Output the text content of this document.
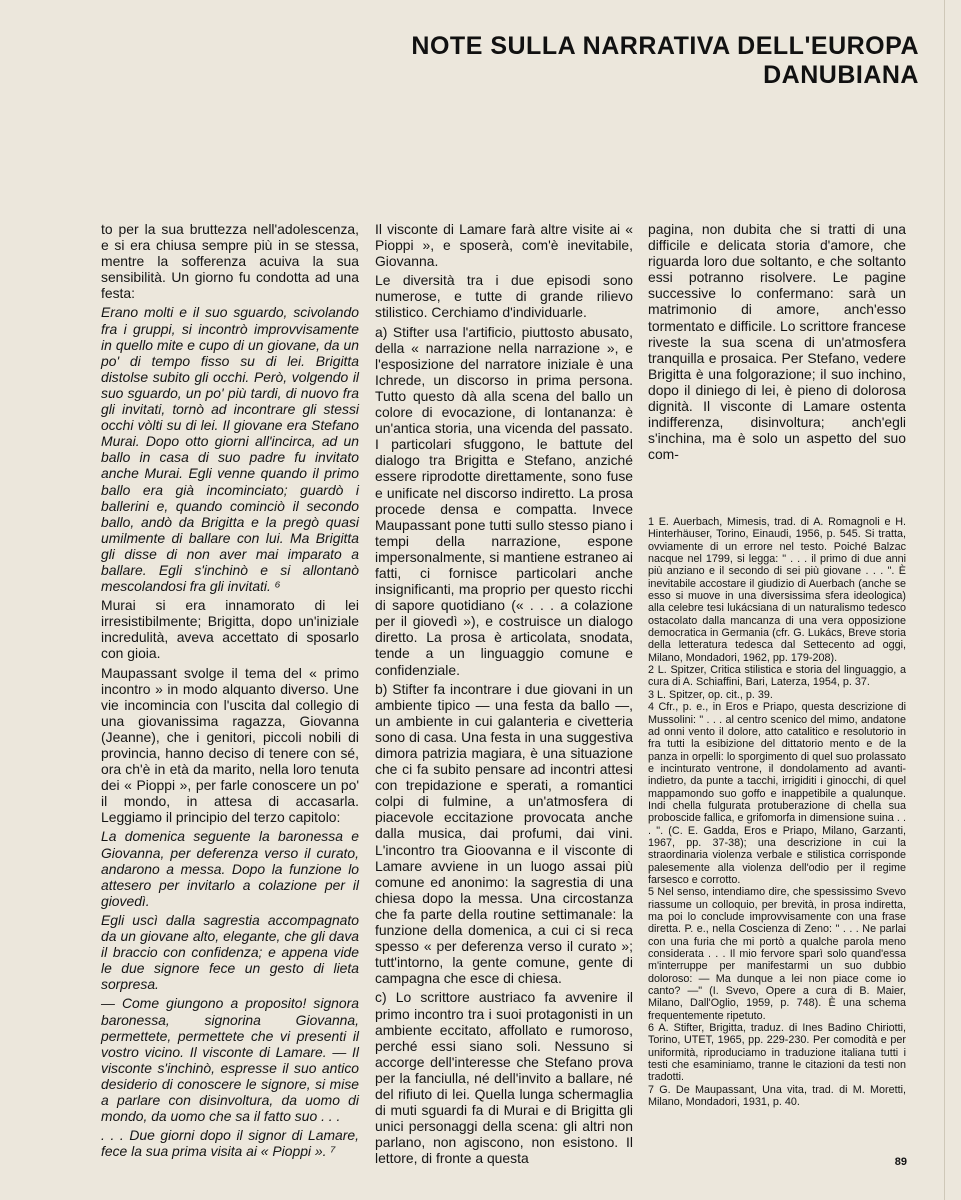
NOTE SULLA NARRATIVA DELL'EUROPA
DANUBIANA

to per la sua bruttezza nell'adolescenza, e si era chiusa sempre più in se stessa, mentre la sofferenza acuiva la sua sensibilità. Un giorno fu condotta ad una festa:

Erano molti e il suo sguardo, scivolando fra i gruppi, si incontrò improvvisamente in quello mite e cupo di un giovane, da un po' di tempo fisso su di lei. Brigitta distolse subito gli occhi. Però, volgendo il suo sguardo, un po' più tardi, di nuovo fra gli invitati, tornò ad incontrare gli stessi occhi vòlti su di lei. Il giovane era Stefano Murai. Dopo otto giorni all'incirca, ad un ballo in casa di suo padre fu invitato anche Murai. Egli venne quando il primo ballo era già incominciato; guardò i ballerini e, quando cominciò il secondo ballo, andò da Brigitta e la pregò quasi umilmente di ballare con lui. Ma Brigitta gli disse di non aver mai imparato a ballare. Egli s'inchinò e si allontanò mescolandosi fra gli invitati. ⁶

Murai si era innamorato di lei irresistibilmente; Brigitta, dopo un'iniziale incredulità, aveva accettato di sposarlo con gioia.

Maupassant svolge il tema del « primo incontro » in modo alquanto diverso. Une vie incomincia con l'uscita dal collegio di una giovanissima ragazza, Giovanna (Jeanne), che i genitori, piccoli nobili di provincia, hanno deciso di tenere con sé, ora ch'è in età da marito, nella loro tenuta dei « Pioppi », per farle conoscere un po' il mondo, in attesa di accasarla. Leggiamo il principio del terzo capitolo:

La domenica seguente la baronessa e Giovanna, per deferenza verso il curato, andarono a messa. Dopo la funzione lo attesero per invitarlo a colazione per il giovedì.

Egli uscì dalla sagrestia accompagnato da un giovane alto, elegante, che gli dava il braccio con confidenza; e appena vide le due signore fece un gesto di lieta sorpresa.

— Come giungono a proposito! signora baronessa, signorina Giovanna, permettete, permettete che vi presenti il vostro vicino. Il visconte di Lamare. — Il visconte s'inchinò, espresse il suo antico desiderio di conoscere le signore, si mise a parlare con disinvoltura, da uomo di mondo, da uomo che sa il fatto suo . . .

. . . Due giorni dopo il signor di Lamare, fece la sua prima visita ai « Pioppi ». ⁷

Il visconte di Lamare farà altre visite ai « Pioppi », e sposerà, com'è inevitabile, Giovanna.

Le diversità tra i due episodi sono numerose, e tutte di grande rilievo stilistico. Cerchiamo d'individuarle.

a) Stifter usa l'artificio, piuttosto abusato, della « narrazione nella narrazione », e l'esposizione del narratore iniziale è una Ichrede, un discorso in prima persona. Tutto questo dà alla scena del ballo un colore di evocazione, di lontananza: è un'antica storia, una vicenda del passato. I particolari sfuggono, le battute del dialogo tra Brigitta e Stefano, anziché essere riprodotte direttamente, sono fuse e unificate nel discorso indiretto. La prosa procede densa e compatta. Invece Maupassant pone tutti sullo stesso piano i tempi della narrazione, espone impersonalmente, si mantiene estraneo ai fatti, ci fornisce particolari anche insignificanti, ma proprio per questo ricchi di sapore quotidiano (« . . . a colazione per il giovedì »), e costruisce un dialogo diretto. La prosa è articolata, snodata, tende a un linguaggio comune e confidenziale.

b) Stifter fa incontrare i due giovani in un ambiente tipico — una festa da ballo —, un ambiente in cui galanteria e civetteria sono di casa. Una festa in una suggestiva dimora patrizia magiara, è una situazione che ci fa subito pensare ad incontri attesi con trepidazione e sperati, a romantici colpi di fulmine, a un'atmosfera di piacevole eccitazione provocata anche dalla musica, dai profumi, dai vini. L'incontro tra Gioovanna e il visconte di Lamare avviene in un luogo assai più comune ed anonimo: la sagrestia di una chiesa dopo la messa. Una circostanza che fa parte della routine settimanale: la funzione della domenica, a cui ci si reca spesso « per deferenza verso il curato »; tutt'intorno, la gente comune, gente di campagna che esce di chiesa.

c) Lo scrittore austriaco fa avvenire il primo incontro tra i suoi protagonisti in un ambiente eccitato, affollato e rumoroso, perché essi siano soli. Nessuno si accorge dell'interesse che Stefano prova per la fanciulla, né dell'invito a ballare, né del rifiuto di lei. Quella lunga schermaglia di muti sguardi fa di Murai e di Brigitta gli unici personaggi della scena: gli altri non parlano, non agiscono, non esistono. Il lettore, di fronte a questa

pagina, non dubita che si tratti di una difficile e delicata storia d'amore, che riguarda loro due soltanto, e che soltanto essi potranno risolvere. Le pagine successive lo confermano: sarà un matrimonio di amore, anch'esso tormentato e difficile. Lo scrittore francese riveste la sua scena di un'atmosfera tranquilla e prosaica. Per Stefano, vedere Brigitta è una folgorazione; il suo inchino, dopo il diniego di lei, è pieno di dolorosa dignità. Il visconte di Lamare ostenta indifferenza, disinvoltura; anch'egli s'inchina, ma è solo un aspetto del suo com-

1 E. Auerbach, Mimesis, trad. di A. Romagnoli e H. Hinterhäuser, Torino, Einaudi, 1956, p. 545. Si tratta, ovviamente di un errore nel testo. Poiché Balzac nacque nel 1799, si legga: " . . . il primo di due anni più anziano e il secondo di sei più giovane . . . ". È inevitabile accostare il giudizio di Auerbach (anche se esso si muove in una diversissima sfera ideologica) alla celebre tesi lukácsiana di un naturalismo tedesco ostacolato dalla mancanza di una vera opposizione democratica in Germania (cfr. G. Lukács, Breve storia della letteratura tedesca dal Settecento ad oggi, Milano, Mondadori, 1962, pp. 179-208).

2 L. Spitzer, Critica stilistica e storia del linguaggio, a cura di A. Schiaffini, Bari, Laterza, 1954, p. 37.

3 L. Spitzer, op. cit., p. 39.

4 Cfr., p. e., in Eros e Priapo, questa descrizione di Mussolini: " . . . al centro scenico del mimo, andatone ad onni vento il dolore, atto catalitico e resolutorio in fra tutti la esibizione del dittatorio mento e de la panza in orpelli: lo sporgimento di quel suo prolassato e incinturato ventrone, il dondolamento ad avanti-indietro, da punte a tacchi, irrigiditi i ginocchi, di quel mappamondo suo goffo e inappetibile a qualunque. Indi chella fulgurata protuberazione di chella sua proboscide fallica, e grifomorfa in dimensione suina . . . ". (C. E. Gadda, Eros e Priapo, Milano, Garzanti, 1967, pp. 37-38); una descrizione in cui la straordinaria violenza verbale e stilistica corrisponde palesemente alla violenza dell'odio per il regime farsesco e corrotto.

5 Nel senso, intendiamo dire, che spessissimo Svevo riassume un colloquio, per brevità, in prosa indiretta, ma poi lo conclude improvvisamente con una frase diretta. P. e., nella Coscienza di Zeno: " . . . Ne parlai con una furia che mi portò a qualche parola meno considerata . . . Il mio fervore sparì solo quand'essa m'interruppe per manifestarmi un suo dubbio doloroso: — Ma dunque a lei non piace come io canto? —" (I. Svevo, Opere a cura di B. Maier, Milano, Dall'Oglio, 1959, p. 748). È una schema frequentemente ripetuto.

6 A. Stifter, Brigitta, traduz. di Ines Badino Chiriotti, Torino, UTET, 1965, pp. 229-230. Per comodità e per uniformità, riproduciamo in traduzione italiana tutti i testi che esaminiamo, tranne le citazioni da testi non tradotti.

7 G. De Maupassant, Una vita, trad. di M. Moretti, Milano, Mondadori, 1931, p. 40.

89
